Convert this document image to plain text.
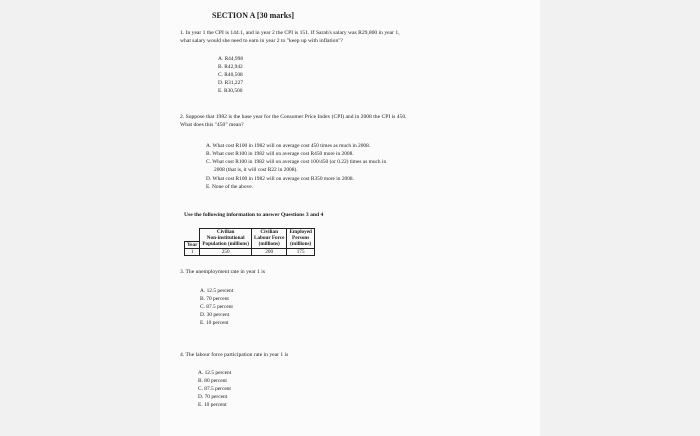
SECTION A [30 marks]
1. In year 1 the CPI is 144.1, and in year 2 the CPI is 151. If Sarah's salary was R29,800 in year 1,
what salary would she need to earn in year 2 to "keep up with inflation"?
A. R44,998
B. R42,942
C. R40,508
D. R31,227
E. R30,500
2. Suppose that 1982 is the base year for the Consumer Price Index (CPI) and in 2008 the CPI is 450.
What does this "450" mean?
A. What cost R100 in 1982 will on average cost 450 times as much in 2008.
B. What cost R100 in 1982 will on average cost R450 more in 2008.
C. What cost R100 in 1982 will on average cost 100/450 (or 0.22) times as much in
2008 (that is, it will cost R22 in 2008).
D. What cost R100 in 1982 will on average cost R350 more in 2008.
E. None of the above.
Use the following information to answer Questions 3 and 4
	Civilian	Civilian	Employed
	Non-institutional	Labour Force	Persons
Year	Population (millions)	(millions)	(millions)
1	250	200	175
3. The unemployment rate in year 1 is
A. 12.5 percent
B. 70 percent
C. 87.5 percent
D. 30 percent
E. 10 percent
4. The labour force participation rate in year 1 is
A. 12.5 percent
B. 80 percent
C. 87.5 percent
D. 70 percent
E. 10 percent
